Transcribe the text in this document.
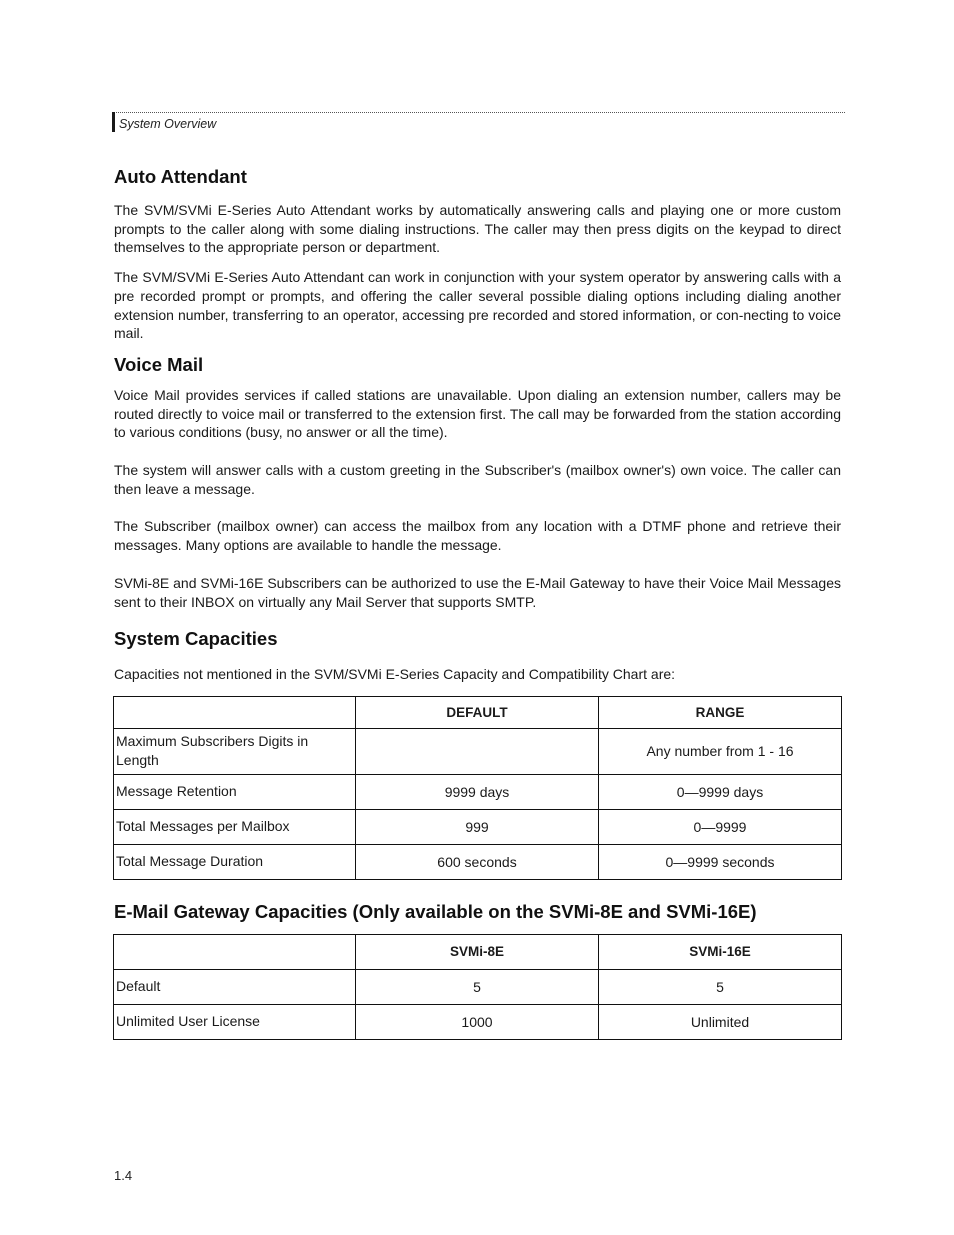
System Overview
Auto Attendant

The SVM/SVMi E-Series Auto Attendant works by automatically answering calls and playing one or more custom prompts to the caller along with some dialing instructions. The caller may then press digits on the keypad to direct themselves to the appropriate person or department.

The SVM/SVMi E-Series Auto Attendant can work in conjunction with your system operator by answering calls with a pre recorded prompt or prompts, and offering the caller several possible dialing options including dialing another extension number, transferring to an operator, accessing pre recorded and stored information, or con-necting to voice mail.

Voice Mail

Voice Mail provides services if called stations are unavailable. Upon dialing an extension number, callers may be routed directly to voice mail or transferred to the extension first. The call may be forwarded from the station according to various conditions (busy, no answer or all the time).

The system will answer calls with a custom greeting in the Subscriber's (mailbox owner's) own voice. The caller can then leave a message.

The Subscriber (mailbox owner) can access the mailbox from any location with a DTMF phone and retrieve their messages. Many options are available to handle the message.

SVMi-8E and SVMi-16E Subscribers can be authorized to use the E-Mail Gateway to have their Voice Mail Messages sent to their INBOX on virtually any Mail Server that supports SMTP.

System Capacities

Capacities not mentioned in the SVM/SVMi E-Series Capacity and Compatibility Chart are:

	DEFAULT	RANGE
Maximum Subscribers Digits in Length		Any number from 1 - 16
Message Retention	9999 days	0—9999 days
Total Messages per Mailbox	999	0—9999
Total Message Duration	600 seconds	0—9999 seconds
E-Mail Gateway Capacities (Only available on the SVMi-8E and SVMi-16E)
	SVMi-8E	SVMi-16E
Default	5	5
Unlimited User License	1000	Unlimited
1.4
